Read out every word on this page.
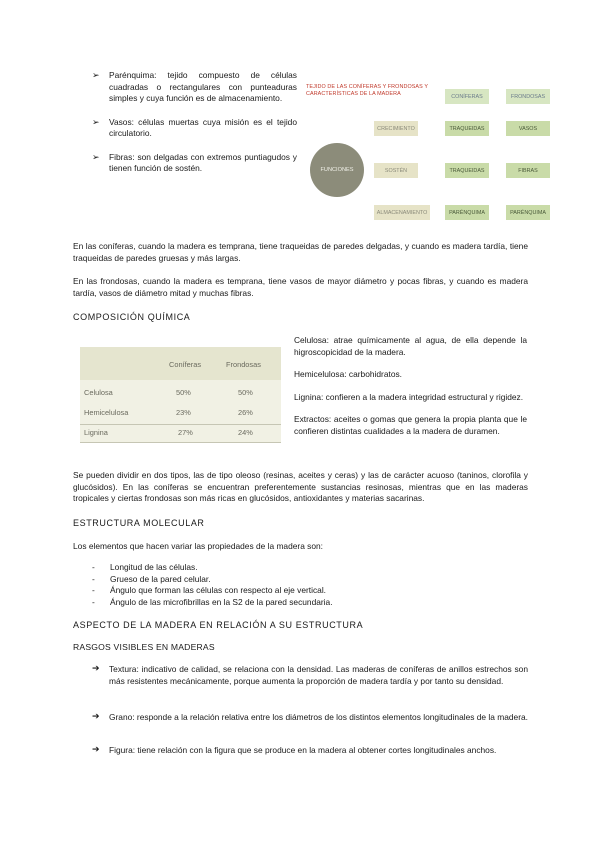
➢ Parénquima: tejido compuesto de células cuadradas o rectangulares con punteaduras simples y cuya función es de almacenamiento.
➢ Vasos: células muertas cuya misión es el tejido circulatorio.
➢ Fibras: son delgadas con extremos puntiagudos y tienen función de sostén.
TEJIDO DE LAS CONÍFERAS Y FRONDOSAS Y CARACTERÍSTICAS DE LA MADERA	CONÍFERAS	FRONDOSAS
FUNCIONES
CRECIMIENTO	TRAQUEIDAS	VASOS
SOSTÉN	TRAQUEIDAS	FIBRAS
ALMACENAMIENTO	PARÉNQUIMA	PARÉNQUIMA
En las coníferas, cuando la madera es temprana, tiene traqueidas de paredes delgadas, y cuando es madera tardía, tiene traqueidas de paredes gruesas y más largas.
En las frondosas, cuando la madera es temprana, tiene vasos de mayor diámetro y pocas fibras, y cuando es madera tardía, vasos de diámetro mitad y muchas fibras.
COMPOSICIÓN QUÍMICA
Coníferas	Frondosas
Celulosa	50%	50%
Hemicelulosa	23%	26%
Lignina	27%	24%

Celulosa: atrae químicamente al agua, de ella depende la higroscopicidad de la madera.

Hemicelulosa: carbohidratos.

Lignina: confieren a la madera integridad estructural y rigidez.

Extractos: aceites o gomas que genera la propia planta que le confieren distintas cualidades a la madera de duramen.

Se pueden dividir en dos tipos, las de tipo oleoso (resinas, aceites y ceras) y las de carácter acuoso (taninos, clorofila y glucósidos). En las coníferas se encuentran preferentemente sustancias resinosas, mientras que en las maderas tropicales y ciertas frondosas son más ricas en glucósidos, antioxidantes y materias sacarinas.
ESTRUCTURA MOLECULAR
Los elementos que hacen variar las propiedades de la madera son:
- Longitud de las células.
- Grueso de la pared celular.
- Ángulo que forman las células con respecto al eje vertical.
- Ángulo de las microfibrillas en la S2 de la pared secundaria.
ASPECTO DE LA MADERA EN RELACIÓN A SU ESTRUCTURA
RASGOS VISIBLES EN MADERAS
➔ Textura: indicativo de calidad, se relaciona con la densidad. Las maderas de coníferas de anillos estrechos son más resistentes mecánicamente, porque aumenta la proporción de madera tardía y por tanto su densidad.
➔ Grano: responde a la relación relativa entre los diámetros de los distintos elementos longitudinales de la madera.
➔ Figura: tiene relación con la figura que se produce en la madera al obtener cortes longitudinales anchos.
